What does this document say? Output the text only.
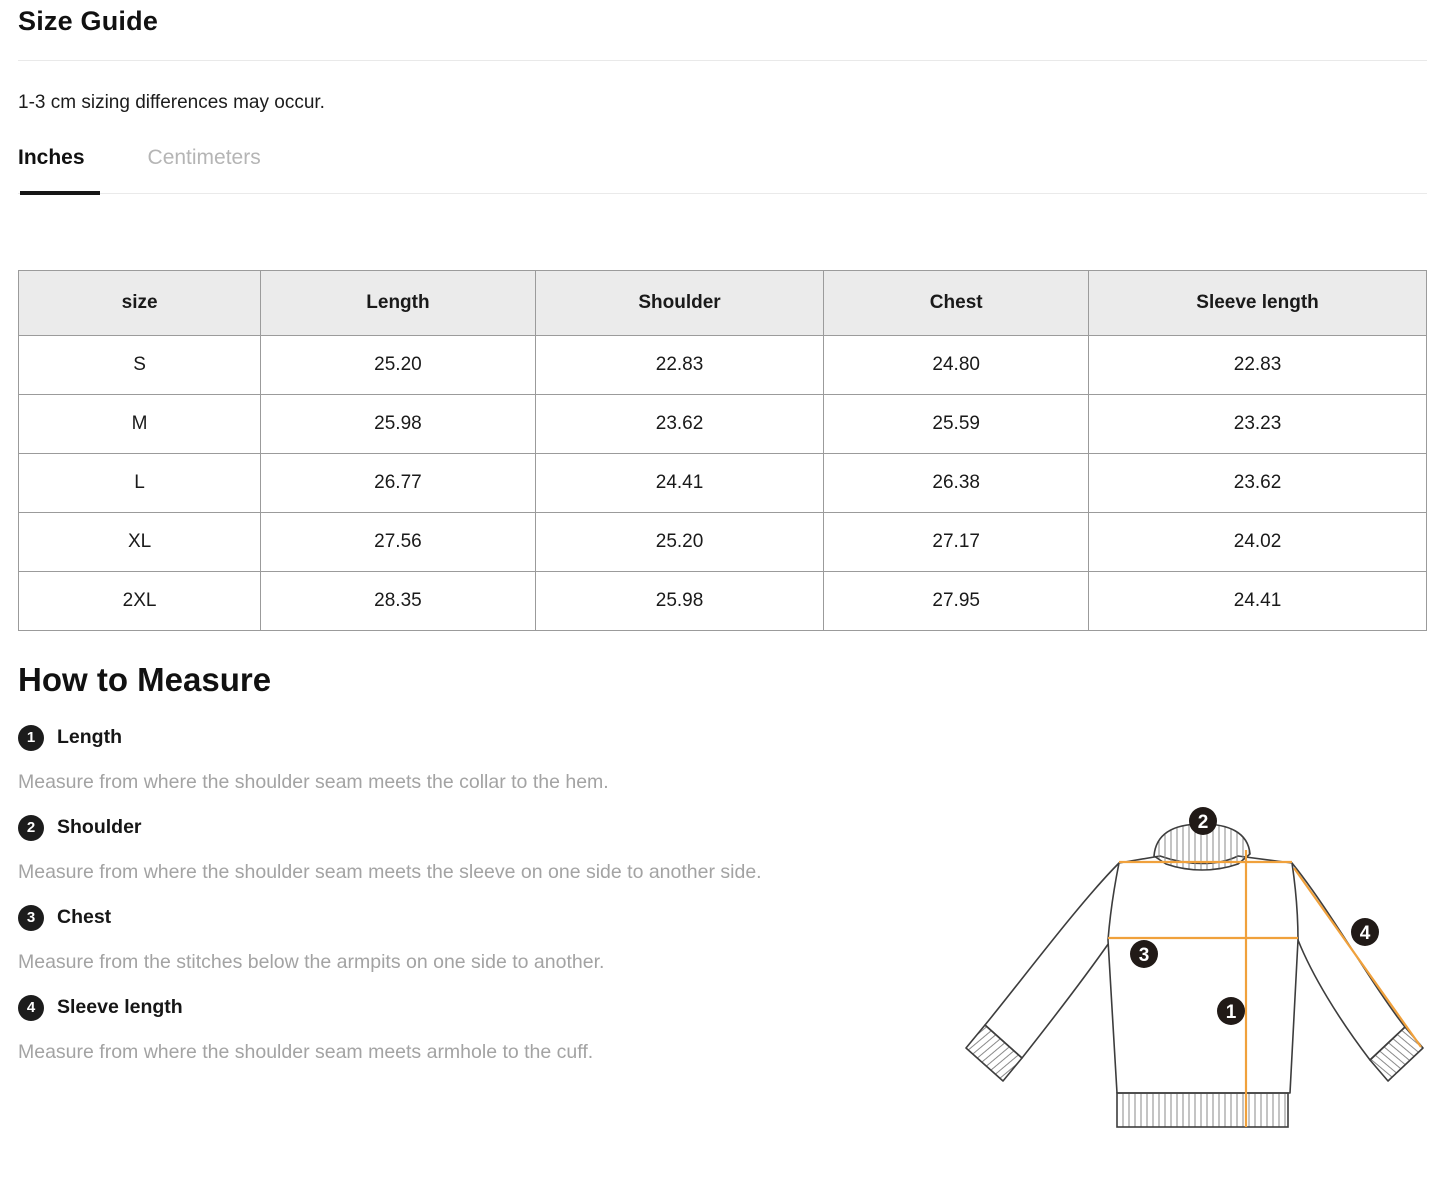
Size Guide

1-3 cm sizing differences may occur.

Inches	Centimeters
size	Length	Shoulder	Chest	Sleeve length
S	25.20	22.83	24.80	22.83
M	25.98	23.62	25.59	23.23
L	26.77	24.41	26.38	23.62
XL	27.56	25.20	27.17	24.02
2XL	28.35	25.98	27.95	24.41
How to Measure
1	Length

Measure from where the shoulder seam meets the collar to the hem.

2	Shoulder

Measure from where the shoulder seam meets the sleeve on one side to another side.

3	Chest

Measure from the stitches below the armpits on one side to another.

4	Sleeve length

Measure from where the shoulder seam meets armhole to the cuff.

2
4
3
1
